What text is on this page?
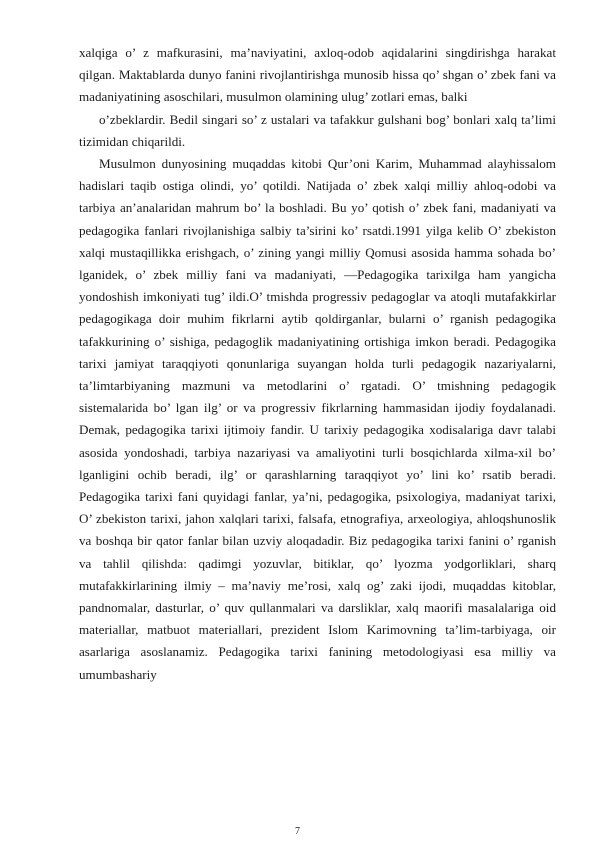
xalqiga o’ z mafkurasini, ma’naviyatini, axloq-odob aqidalarini singdirishga harakat qilgan. Maktablarda dunyo fanini rivojlantirishga munosib hissa qo’ shgan o’ zbek fani va madaniyatining asoschilari, musulmon olamining ulug’ zotlari emas, balki

o’zbeklardir. Bedil singari so’ z ustalari va tafakkur gulshani bog’ bonlari xalq ta’limi tizimidan chiqarildi.

Musulmon dunyosining muqaddas kitobi Qur’oni Karim, Muhammad alayhissalom hadislari taqib ostiga olindi, yo’ qotildi. Natijada o’ zbek xalqi milliy ahloq-odobi va tarbiya an’analaridan mahrum bo’ la boshladi. Bu yo’ qotish o’ zbek fani, madaniyati va pedagogika fanlari rivojlanishiga salbiy ta’sirini ko’ rsatdi.1991 yilga kelib O’ zbekiston xalqi mustaqillikka erishgach, o’ zining yangi milliy Qomusi asosida hamma sohada bo’ lganidek, o’ zbek milliy fani va madaniyati, ―Pedagogika tarixi‖ga ham yangicha yondoshish imkoniyati tug’ ildi.O’ tmishda progressiv pedagoglar va atoqli mutafakkirlar pedagogikaga doir muhim fikrlarni aytib qoldirganlar, bularni o’ rganish pedagogika tafakkurining o’ sishiga, pedagoglik madaniyatining ortishiga imkon beradi. Pedagogika tarixi jamiyat taraqqiyoti qonunlariga suyangan holda turli pedagogik nazariyalarni, ta’limtarbiyaning mazmuni va metodlarini o’ rgatadi. O’ tmishning pedagogik sistemalarida bo’ lgan ilg’ or va progressiv fikrlarning hammasidan ijodiy foydalanadi. Demak, pedagogika tarixi ijtimoiy fandir. U tarixiy pedagogika xodisalariga davr talabi asosida yondoshadi, tarbiya nazariyasi va amaliyotini turli bosqichlarda xilma-xil bo’ lganligini ochib beradi, ilg’ or qarashlarning taraqqiyot yo’ lini ko’ rsatib beradi. Pedagogika tarixi fani quyidagi fanlar, ya’ni, pedagogika, psixologiya, madaniyat tarixi, O’ zbekiston tarixi, jahon xalqlari tarixi, falsafa, etnografiya, arxeologiya, ahloqshunoslik va boshqa bir qator fanlar bilan uzviy aloqadadir. Biz pedagogika tarixi fanini o’ rganish va tahlil qilishda: qadimgi yozuvlar, bitiklar, qo’ lyozma yodgorliklari, sharq mutafakkirlarining ilmiy – ma’naviy me’rosi, xalq og’ zaki ijodi, muqaddas kitoblar, pandnomalar, dasturlar, o’ quv qullanmalari va darsliklar, xalq maorifi masalalariga oid materiallar, matbuot materiallari, prezident Islom Karimovning ta’lim-tarbiyaga, oir asarlariga asoslanamiz. Pedagogika tarixi fanining metodologiyasi esa milliy va umumbashariy

7
